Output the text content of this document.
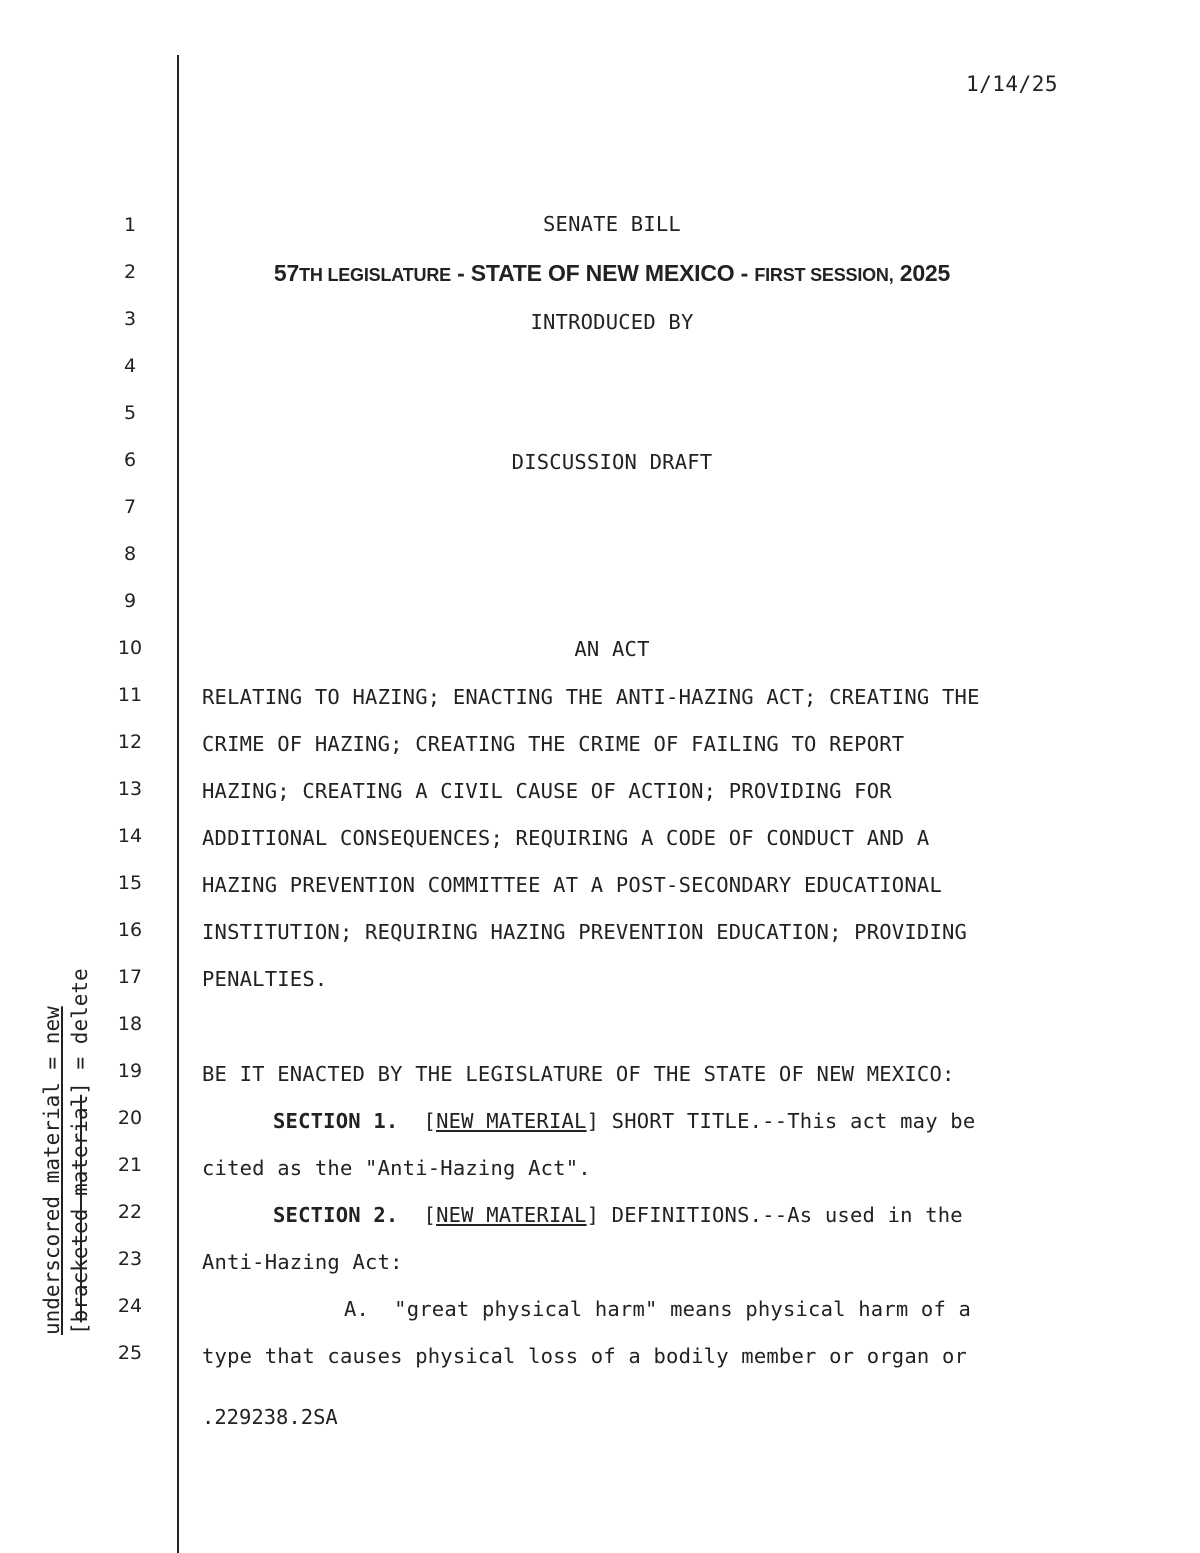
1/14/25
underscored material = new
[bracketed material] = delete
1
2
3
4
5
6
7
8
9
10
11
12
13
14
15
16
17
18
19
20
21
22
23
24
25
SENATE BILL
57TH LEGISLATURE - STATE OF NEW MEXICO - FIRST SESSION, 2025
INTRODUCED BY
DISCUSSION DRAFT
AN ACT
RELATING TO HAZING; ENACTING THE ANTI-HAZING ACT; CREATING THE
CRIME OF HAZING; CREATING THE CRIME OF FAILING TO REPORT
HAZING; CREATING A CIVIL CAUSE OF ACTION; PROVIDING FOR
ADDITIONAL CONSEQUENCES; REQUIRING A CODE OF CONDUCT AND A
HAZING PREVENTION COMMITTEE AT A POST-SECONDARY EDUCATIONAL
INSTITUTION; REQUIRING HAZING PREVENTION EDUCATION; PROVIDING
PENALTIES.
BE IT ENACTED BY THE LEGISLATURE OF THE STATE OF NEW MEXICO:
SECTION 1.  [NEW MATERIAL] SHORT TITLE.--This act may be
cited as the "Anti-Hazing Act".
SECTION 2.  [NEW MATERIAL] DEFINITIONS.--As used in the
Anti-Hazing Act:
A.  "great physical harm" means physical harm of a
type that causes physical loss of a bodily member or organ or
.229238.2SA
